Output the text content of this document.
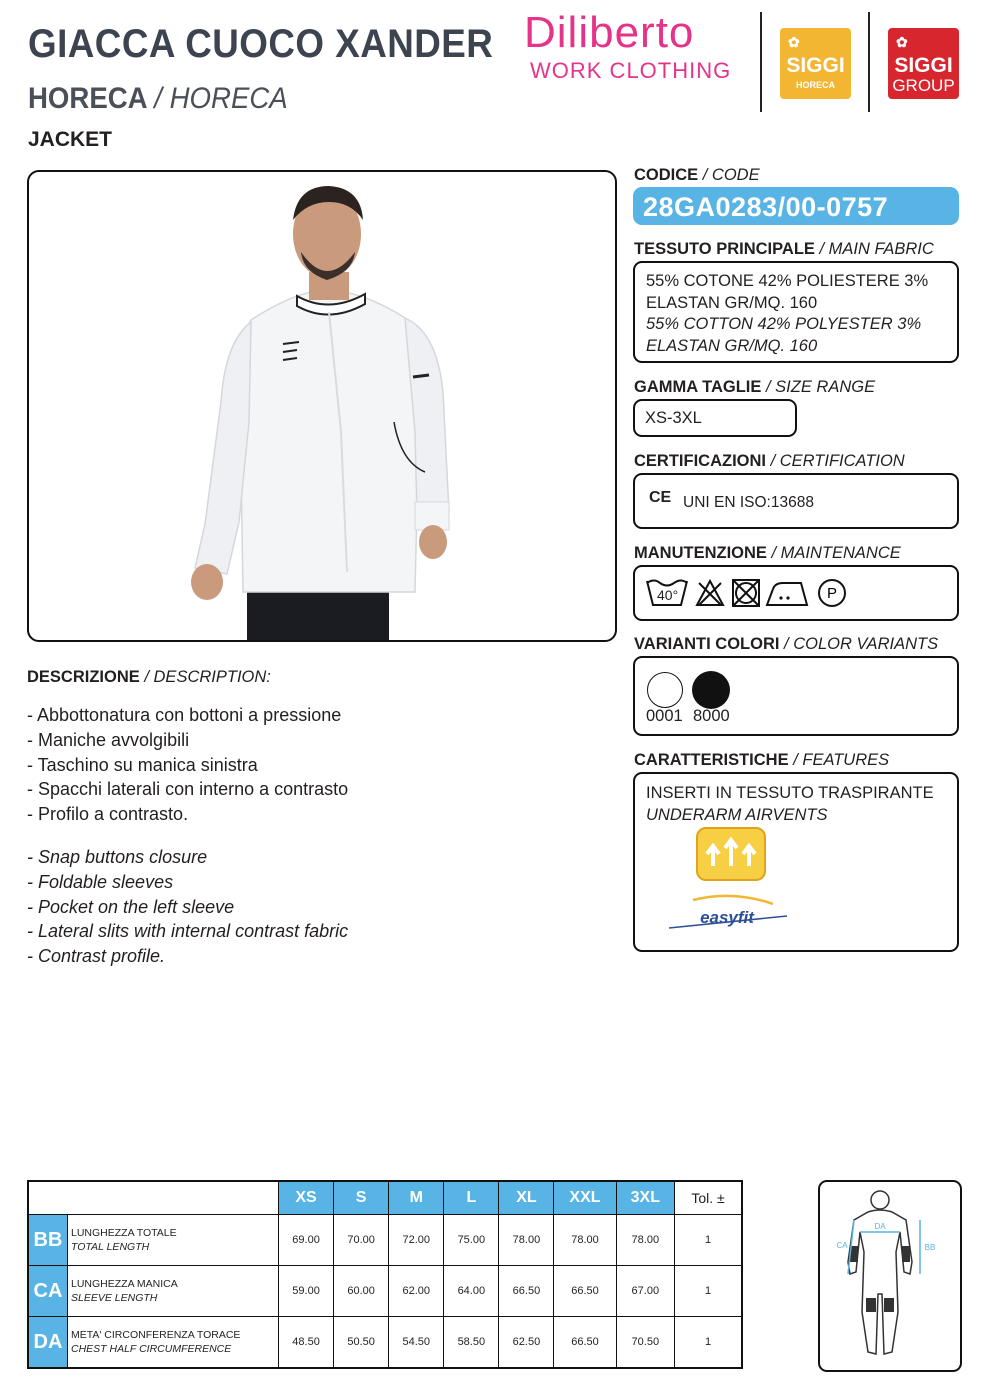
GIACCA CUOCO XANDER
HORECA / HORECA
JACKET
Diliberto
WORK CLOTHING
✿
SIGGI
HORECA
✿
SIGGI
GROUP
CODICE / CODE
28GA0283/00-0757
TESSUTO PRINCIPALE / MAIN FABRIC
55% COTONE 42% POLIESTERE 3%
ELASTAN GR/MQ. 160
55% COTTON 42% POLYESTER 3%
ELASTAN GR/MQ. 160
GAMMA TAGLIE / SIZE RANGE
XS-3XL
CERTIFICAZIONI / CERTIFICATION
CE UNI EN ISO:13688
MANUTENZIONE / MAINTENANCE
40°	P
VARIANTI COLORI / COLOR VARIANTS
0001 8000
CARATTERISTICHE / FEATURES
INSERTI IN TESSUTO TRASPIRANTE
UNDERARM AIRVENTS
easyfit
DESCRIZIONE / DESCRIPTION:
- Abbottonatura con bottoni a pressione
- Maniche avvolgibili
- Taschino su manica sinistra
- Spacchi laterali con interno a contrasto
- Profilo a contrasto.
- Snap buttons closure
- Foldable sleeves
- Pocket on the left sleeve
- Lateral slits with internal contrast fabric
- Contrast profile.
		XS	S	M	L	XL	XXL	3XL	Tol. ±
BB	LUNGHEZZA TOTALE
TOTAL LENGTH	69.00	70.00	72.00	75.00	78.00	78.00	78.00	1
CA	LUNGHEZZA MANICA
SLEEVE LENGTH	59.00	60.00	62.00	64.00	66.50	66.50	67.00	1
DA	META' CIRCONFERENZA TORACE
CHEST HALF CIRCUMFERENCE	48.50	50.50	54.50	58.50	62.50	66.50	70.50	1
DA
CA	BB
